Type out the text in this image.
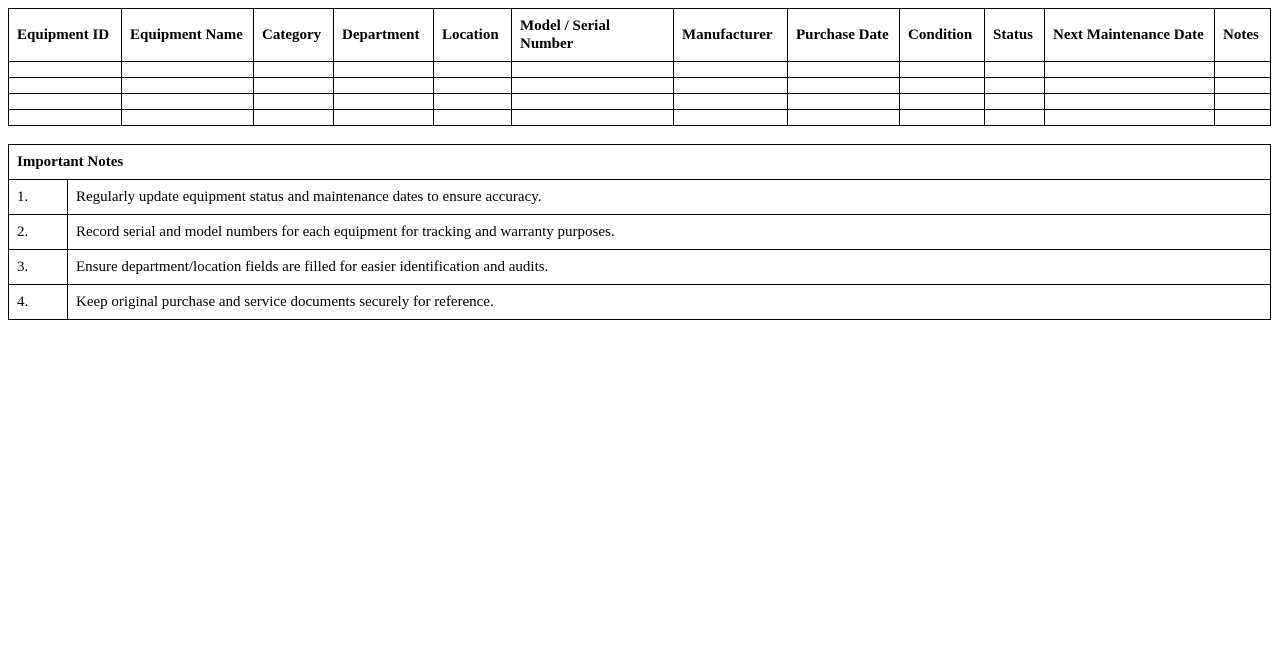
Equipment ID	Equipment Name	Category	Department	Location	Model / Serial Number	Manufacturer	Purchase Date	Condition	Status	Next Maintenance Date	Notes

Important Notes	
1.	Regularly update equipment status and maintenance dates to ensure accuracy.
2.	Record serial and model numbers for each equipment for tracking and warranty purposes.
3.	Ensure department/location fields are filled for easier identification and audits.
4.	Keep original purchase and service documents securely for reference.
